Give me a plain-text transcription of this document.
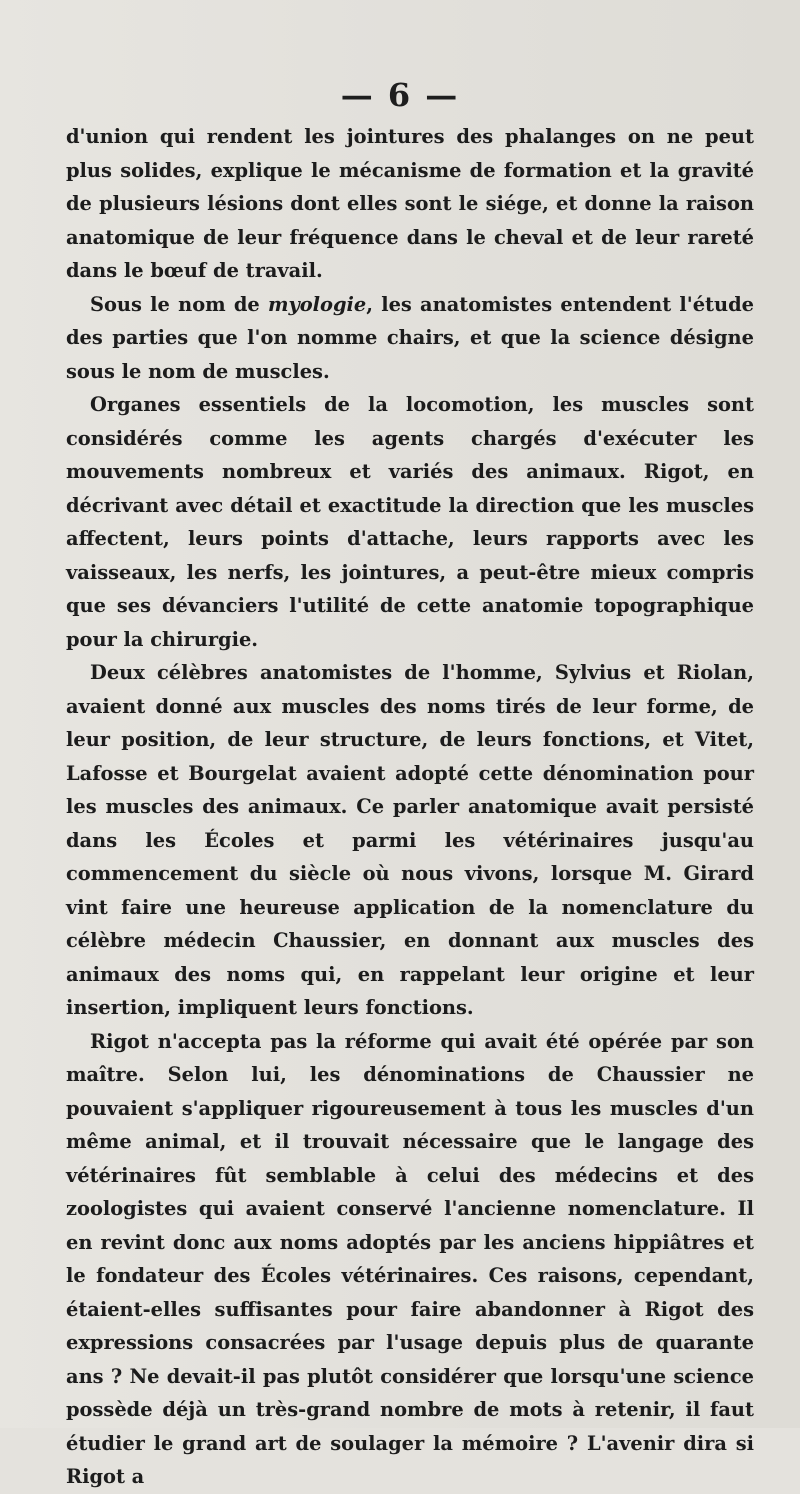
— 6 —

d'union qui rendent les jointures des phalanges on ne peut plus solides, explique le mécanisme de formation et la gravité de plusieurs lésions dont elles sont le siége, et donne la raison anatomique de leur fréquence dans le cheval et de leur rareté dans le bœuf de travail.

Sous le nom de myologie, les anatomistes entendent l'étude des parties que l'on nomme chairs, et que la science désigne sous le nom de muscles.

Organes essentiels de la locomotion, les muscles sont considérés comme les agents chargés d'exécuter les mouvements nombreux et variés des animaux. Rigot, en décrivant avec détail et exactitude la direction que les muscles affectent, leurs points d'attache, leurs rapports avec les vaisseaux, les nerfs, les jointures, a peut-être mieux compris que ses dévanciers l'utilité de cette anatomie topographique pour la chirurgie.

Deux célèbres anatomistes de l'homme, Sylvius et Riolan, avaient donné aux muscles des noms tirés de leur forme, de leur position, de leur structure, de leurs fonctions, et Vitet, Lafosse et Bourgelat avaient adopté cette dénomination pour les muscles des animaux. Ce parler anatomique avait persisté dans les Écoles et parmi les vétérinaires jusqu'au commencement du siècle où nous vivons, lorsque M. Girard vint faire une heureuse application de la nomenclature du célèbre médecin Chaussier, en donnant aux muscles des animaux des noms qui, en rappelant leur origine et leur insertion, impliquent leurs fonctions.

Rigot n'accepta pas la réforme qui avait été opérée par son maître. Selon lui, les dénominations de Chaussier ne pouvaient s'appliquer rigoureusement à tous les muscles d'un même animal, et il trouvait nécessaire que le langage des vétérinaires fût semblable à celui des médecins et des zoologistes qui avaient conservé l'ancienne nomenclature. Il en revint donc aux noms adoptés par les anciens hippiâtres et le fondateur des Écoles vétérinaires. Ces raisons, cependant, étaient-elles suffisantes pour faire abandonner à Rigot des expressions consacrées par l'usage depuis plus de quarante ans ? Ne devait-il pas plutôt considérer que lorsqu'une science possède déjà un très-grand nombre de mots à retenir, il faut étudier le grand art de soulager la mémoire ? L'avenir dira si Rigot a
